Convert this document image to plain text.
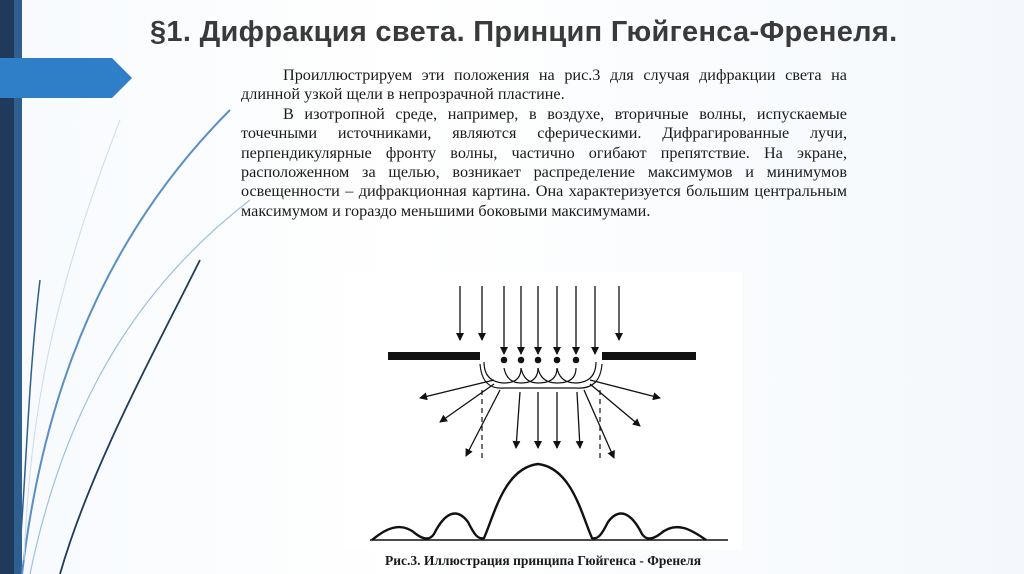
§1. Дифракция света. Принцип Гюйгенса-Френеля.

Проиллюстрируем эти положения на рис.3 для случая дифракции света на длинной узкой щели в непрозрачной пластине.

В изотропной среде, например, в воздухе, вторичные волны, испускаемые точечными источниками, являются сферическими. Дифрагированные лучи, перпендикулярные фронту волны, частично огибают препятствие. На экране, расположенном за щелью, возникает распределение максимумов и минимумов освещенности – дифракционная картина. Она характеризуется большим центральным максимумом и гораздо меньшими боковыми максимумами.

Рис.3. Иллюстрация принципа Гюйгенса - Френеля
